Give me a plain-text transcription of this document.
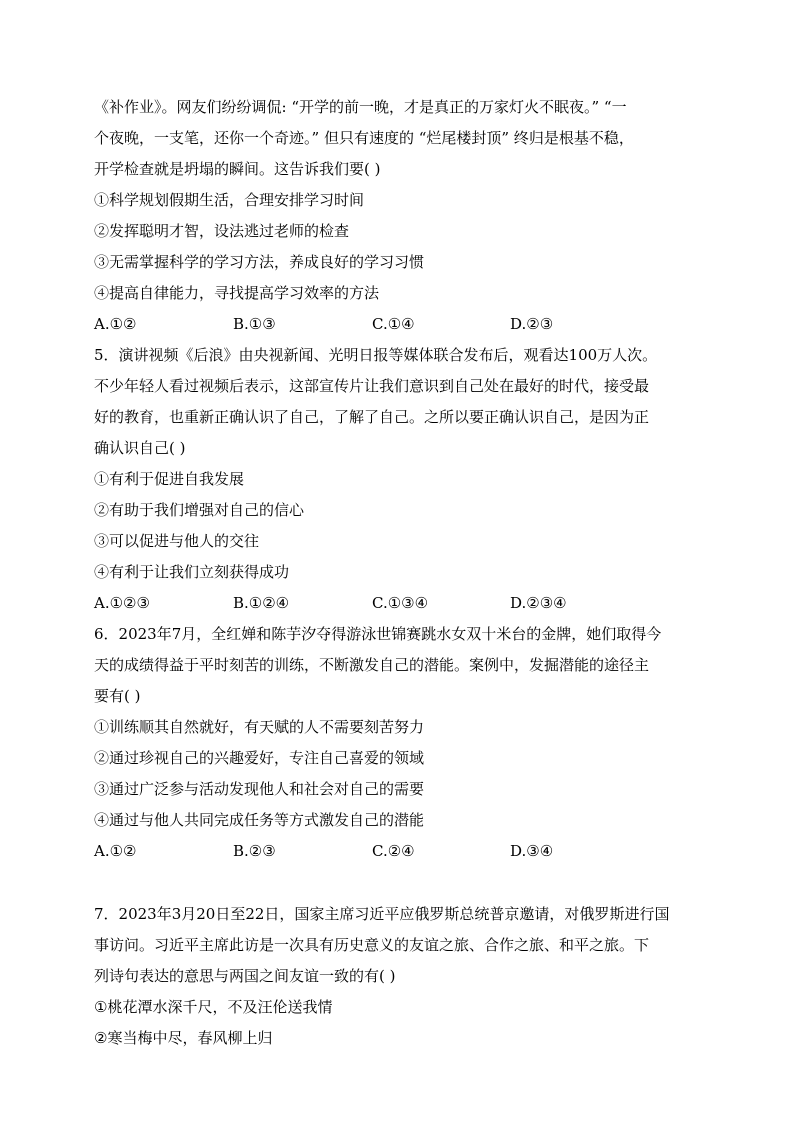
《补作业》。网友们纷纷调侃: “开学的前一晚，才是真正的万家灯火不眠夜。” “一
个夜晚，一支笔，还你一个奇迹。” 但只有速度的 “烂尾楼封顶” 终归是根基不稳，
开学检查就是坍塌的瞬间。这告诉我们要( )
①科学规划假期生活，合理安排学习时间
②发挥聪明才智，设法逃过老师的检查
③无需掌握科学的学习方法，养成良好的学习习惯
④提高自律能力，寻找提高学习效率的方法
A.①②	B.①③	C.①④	D.②③
5．演讲视频《后浪》由央视新闻、光明日报等媒体联合发布后，观看达100万人次。
不少年轻人看过视频后表示，这部宣传片让我们意识到自己处在最好的时代，接受最
好的教育，也重新正确认识了自己，了解了自己。之所以要正确认识自己，是因为正
确认识自己( )
①有利于促进自我发展
②有助于我们增强对自己的信心
③可以促进与他人的交往
④有利于让我们立刻获得成功
A.①②③	B.①②④	C.①③④	D.②③④
6．2023年7月，全红婵和陈芋汐夺得游泳世锦赛跳水女双十米台的金牌，她们取得今
天的成绩得益于平时刻苦的训练，不断激发自己的潜能。案例中，发掘潜能的途径主
要有( )
①训练顺其自然就好，有天赋的人不需要刻苦努力
②通过珍视自己的兴趣爱好，专注自己喜爱的领域
③通过广泛参与活动发现他人和社会对自己的需要
④通过与他人共同完成任务等方式激发自己的潜能
A.①②	B.②③	C.②④	D.③④
7．2023年3月20日至22日，国家主席习近平应俄罗斯总统普京邀请，对俄罗斯进行国
事访问。习近平主席此访是一次具有历史意义的友谊之旅、合作之旅、和平之旅。下
列诗句表达的意思与两国之间友谊一致的有( )
①桃花潭水深千尺，不及汪伦送我情
②寒当梅中尽，春风柳上归
